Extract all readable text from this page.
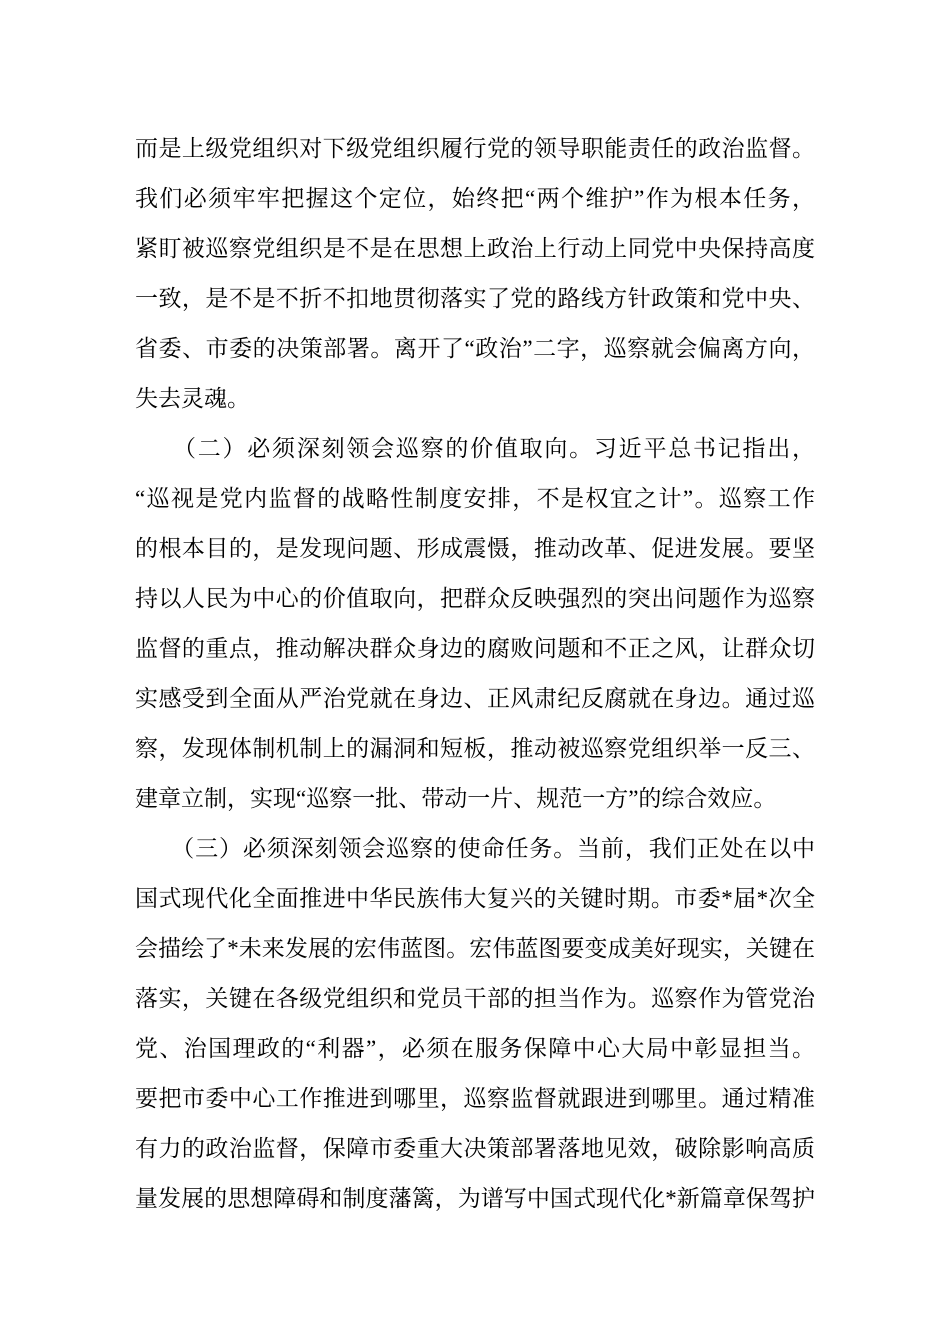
而是上级党组织对下级党组织履行党的领导职能责任的政治监督。
我们必须牢牢把握这个定位，始终把“两个维护”作为根本任务，
紧盯被巡察党组织是不是在思想上政治上行动上同党中央保持高度
一致，是不是不折不扣地贯彻落实了党的路线方针政策和党中央、
省委、市委的决策部署。离开了“政治”二字，巡察就会偏离方向，
失去灵魂。
　　（二）必须深刻领会巡察的价值取向。习近平总书记指出，
“巡视是党内监督的战略性制度安排，不是权宜之计”。巡察工作
的根本目的，是发现问题、形成震慑，推动改革、促进发展。要坚
持以人民为中心的价值取向，把群众反映强烈的突出问题作为巡察
监督的重点，推动解决群众身边的腐败问题和不正之风，让群众切
实感受到全面从严治党就在身边、正风肃纪反腐就在身边。通过巡
察，发现体制机制上的漏洞和短板，推动被巡察党组织举一反三、
建章立制，实现“巡察一批、带动一片、规范一方”的综合效应。
　　（三）必须深刻领会巡察的使命任务。当前，我们正处在以中
国式现代化全面推进中华民族伟大复兴的关键时期。市委*届*次全
会描绘了*未来发展的宏伟蓝图。宏伟蓝图要变成美好现实，关键在
落实，关键在各级党组织和党员干部的担当作为。巡察作为管党治
党、治国理政的“利器”，必须在服务保障中心大局中彰显担当。
要把市委中心工作推进到哪里，巡察监督就跟进到哪里。通过精准
有力的政治监督，保障市委重大决策部署落地见效，破除影响高质
量发展的思想障碍和制度藩篱，为谱写中国式现代化*新篇章保驾护
